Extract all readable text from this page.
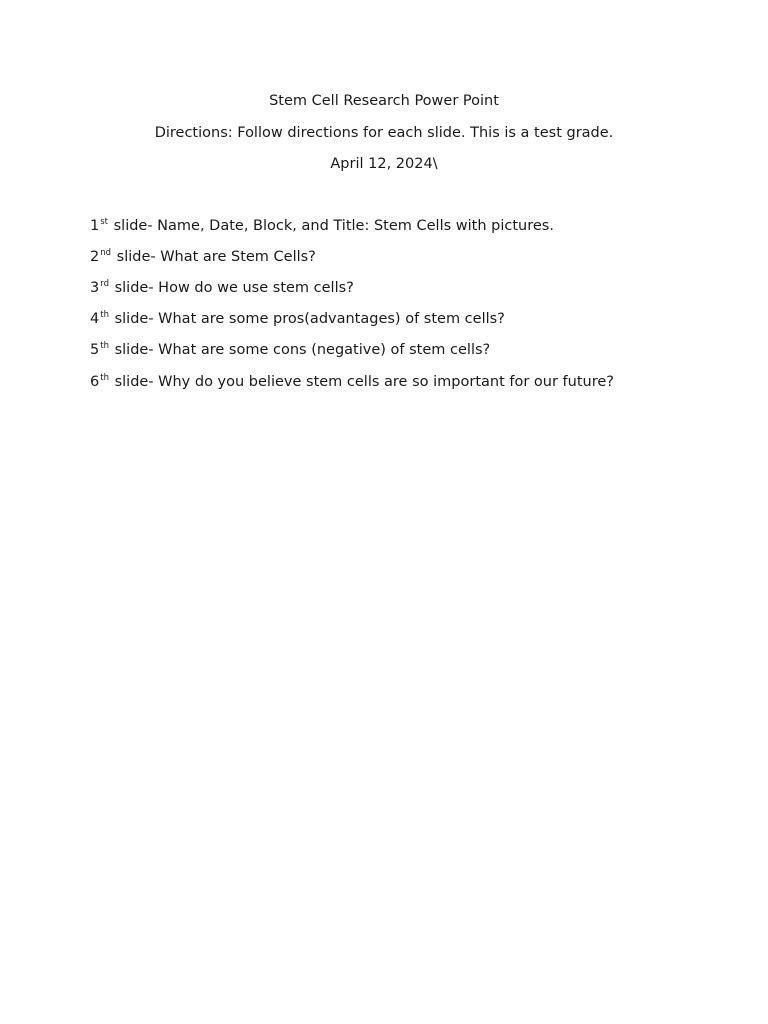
Stem Cell Research Power Point
Directions: Follow directions for each slide. This is a test grade.
April 12, 2024\
1st slide- Name, Date, Block, and Title: Stem Cells with pictures.
2nd slide- What are Stem Cells?
3rd slide- How do we use stem cells?
4th slide- What are some pros(advantages) of stem cells?
5th slide- What are some cons (negative) of stem cells?
6th slide- Why do you believe stem cells are so important for our future?
